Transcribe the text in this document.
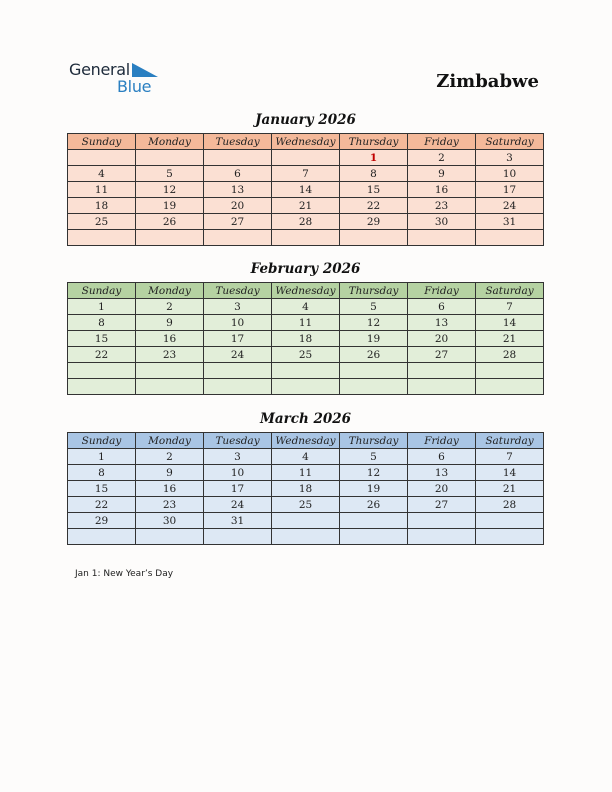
General
Blue	Zimbabwe
January 2026
Sunday	Monday	Tuesday	Wednesday	Thursday	Friday	Saturday
				1	2	3
4	5	6	7	8	9	10
11	12	13	14	15	16	17
18	19	20	21	22	23	24
25	26	27	28	29	30	31

February 2026
Sunday	Monday	Tuesday	Wednesday	Thursday	Friday	Saturday
1	2	3	4	5	6	7
8	9	10	11	12	13	14
15	16	17	18	19	20	21
22	23	24	25	26	27	28

March 2026
Sunday	Monday	Tuesday	Wednesday	Thursday	Friday	Saturday
1	2	3	4	5	6	7
8	9	10	11	12	13	14
15	16	17	18	19	20	21
22	23	24	25	26	27	28
29	30	31				

Jan 1: New Year’s Day
